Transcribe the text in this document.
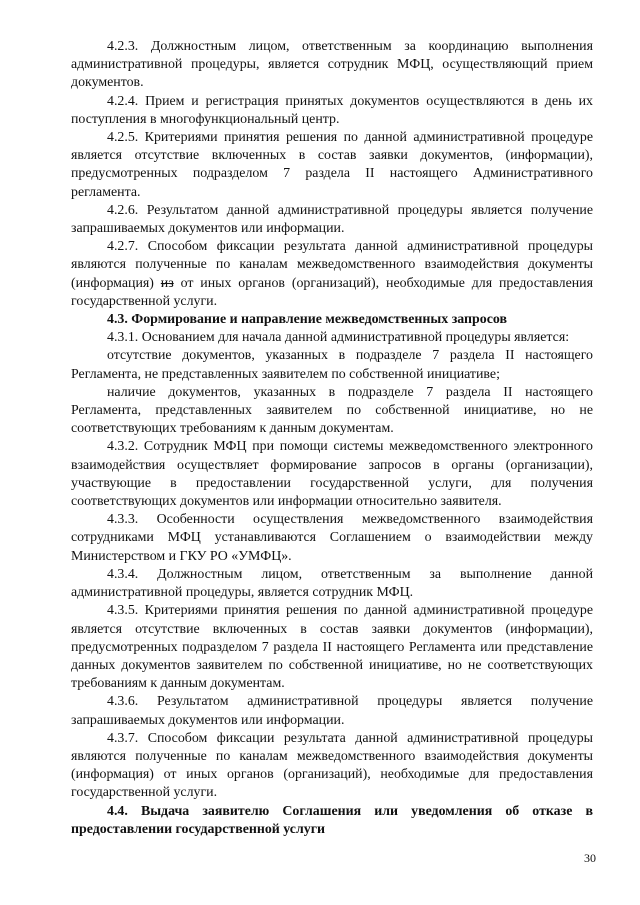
4.2.3. Должностным лицом, ответственным за координацию выполнения административной процедуры, является сотрудник МФЦ, осуществляющий прием документов.

4.2.4. Прием и регистрация принятых документов осуществляются в день их поступления в многофункциональный центр.

4.2.5. Критериями принятия решения по данной административной процедуре является отсутствие включенных в состав заявки документов, (информации), предусмотренных подразделом 7 раздела II настоящего Административного регламента.

4.2.6. Результатом данной административной процедуры является получение запрашиваемых документов или информации.

4.2.7. Способом фиксации результата данной административной процедуры являются полученные по каналам межведомственного взаимодействия документы (информация) из от иных органов (организаций), необходимые для предоставления государственной услуги.

4.3. Формирование и направление межведомственных запросов

4.3.1. Основанием для начала данной административной процедуры является:

отсутствие документов, указанных в подразделе 7 раздела II настоящего Регламента, не представленных заявителем по собственной инициативе;

наличие документов, указанных в подразделе 7 раздела II настоящего Регламента, представленных заявителем по собственной инициативе, но не соответствующих требованиям к данным документам.

4.3.2. Сотрудник МФЦ при помощи системы межведомственного электронного взаимодействия осуществляет формирование запросов в органы (организации), участвующие в предоставлении государственной услуги, для получения соответствующих документов или информации относительно заявителя.

4.3.3. Особенности осуществления межведомственного взаимодействия сотрудниками МФЦ устанавливаются Соглашением о взаимодействии между Министерством и ГКУ РО «УМФЦ».

4.3.4. Должностным лицом, ответственным за выполнение данной административной процедуры, является сотрудник МФЦ.

4.3.5. Критериями принятия решения по данной административной процедуре является отсутствие включенных в состав заявки документов (информации), предусмотренных подразделом 7 раздела II настоящего Регламента или представление данных документов заявителем по собственной инициативе, но не соответствующих требованиям к данным документам.

4.3.6. Результатом административной процедуры является получение запрашиваемых документов или информации.

4.3.7. Способом фиксации результата данной административной процедуры являются полученные по каналам межведомственного взаимодействия документы (информация) от иных органов (организаций), необходимые для предоставления государственной услуги.

4.4. Выдача заявителю Соглашения или уведомления об отказе в предоставлении государственной услуги

30
